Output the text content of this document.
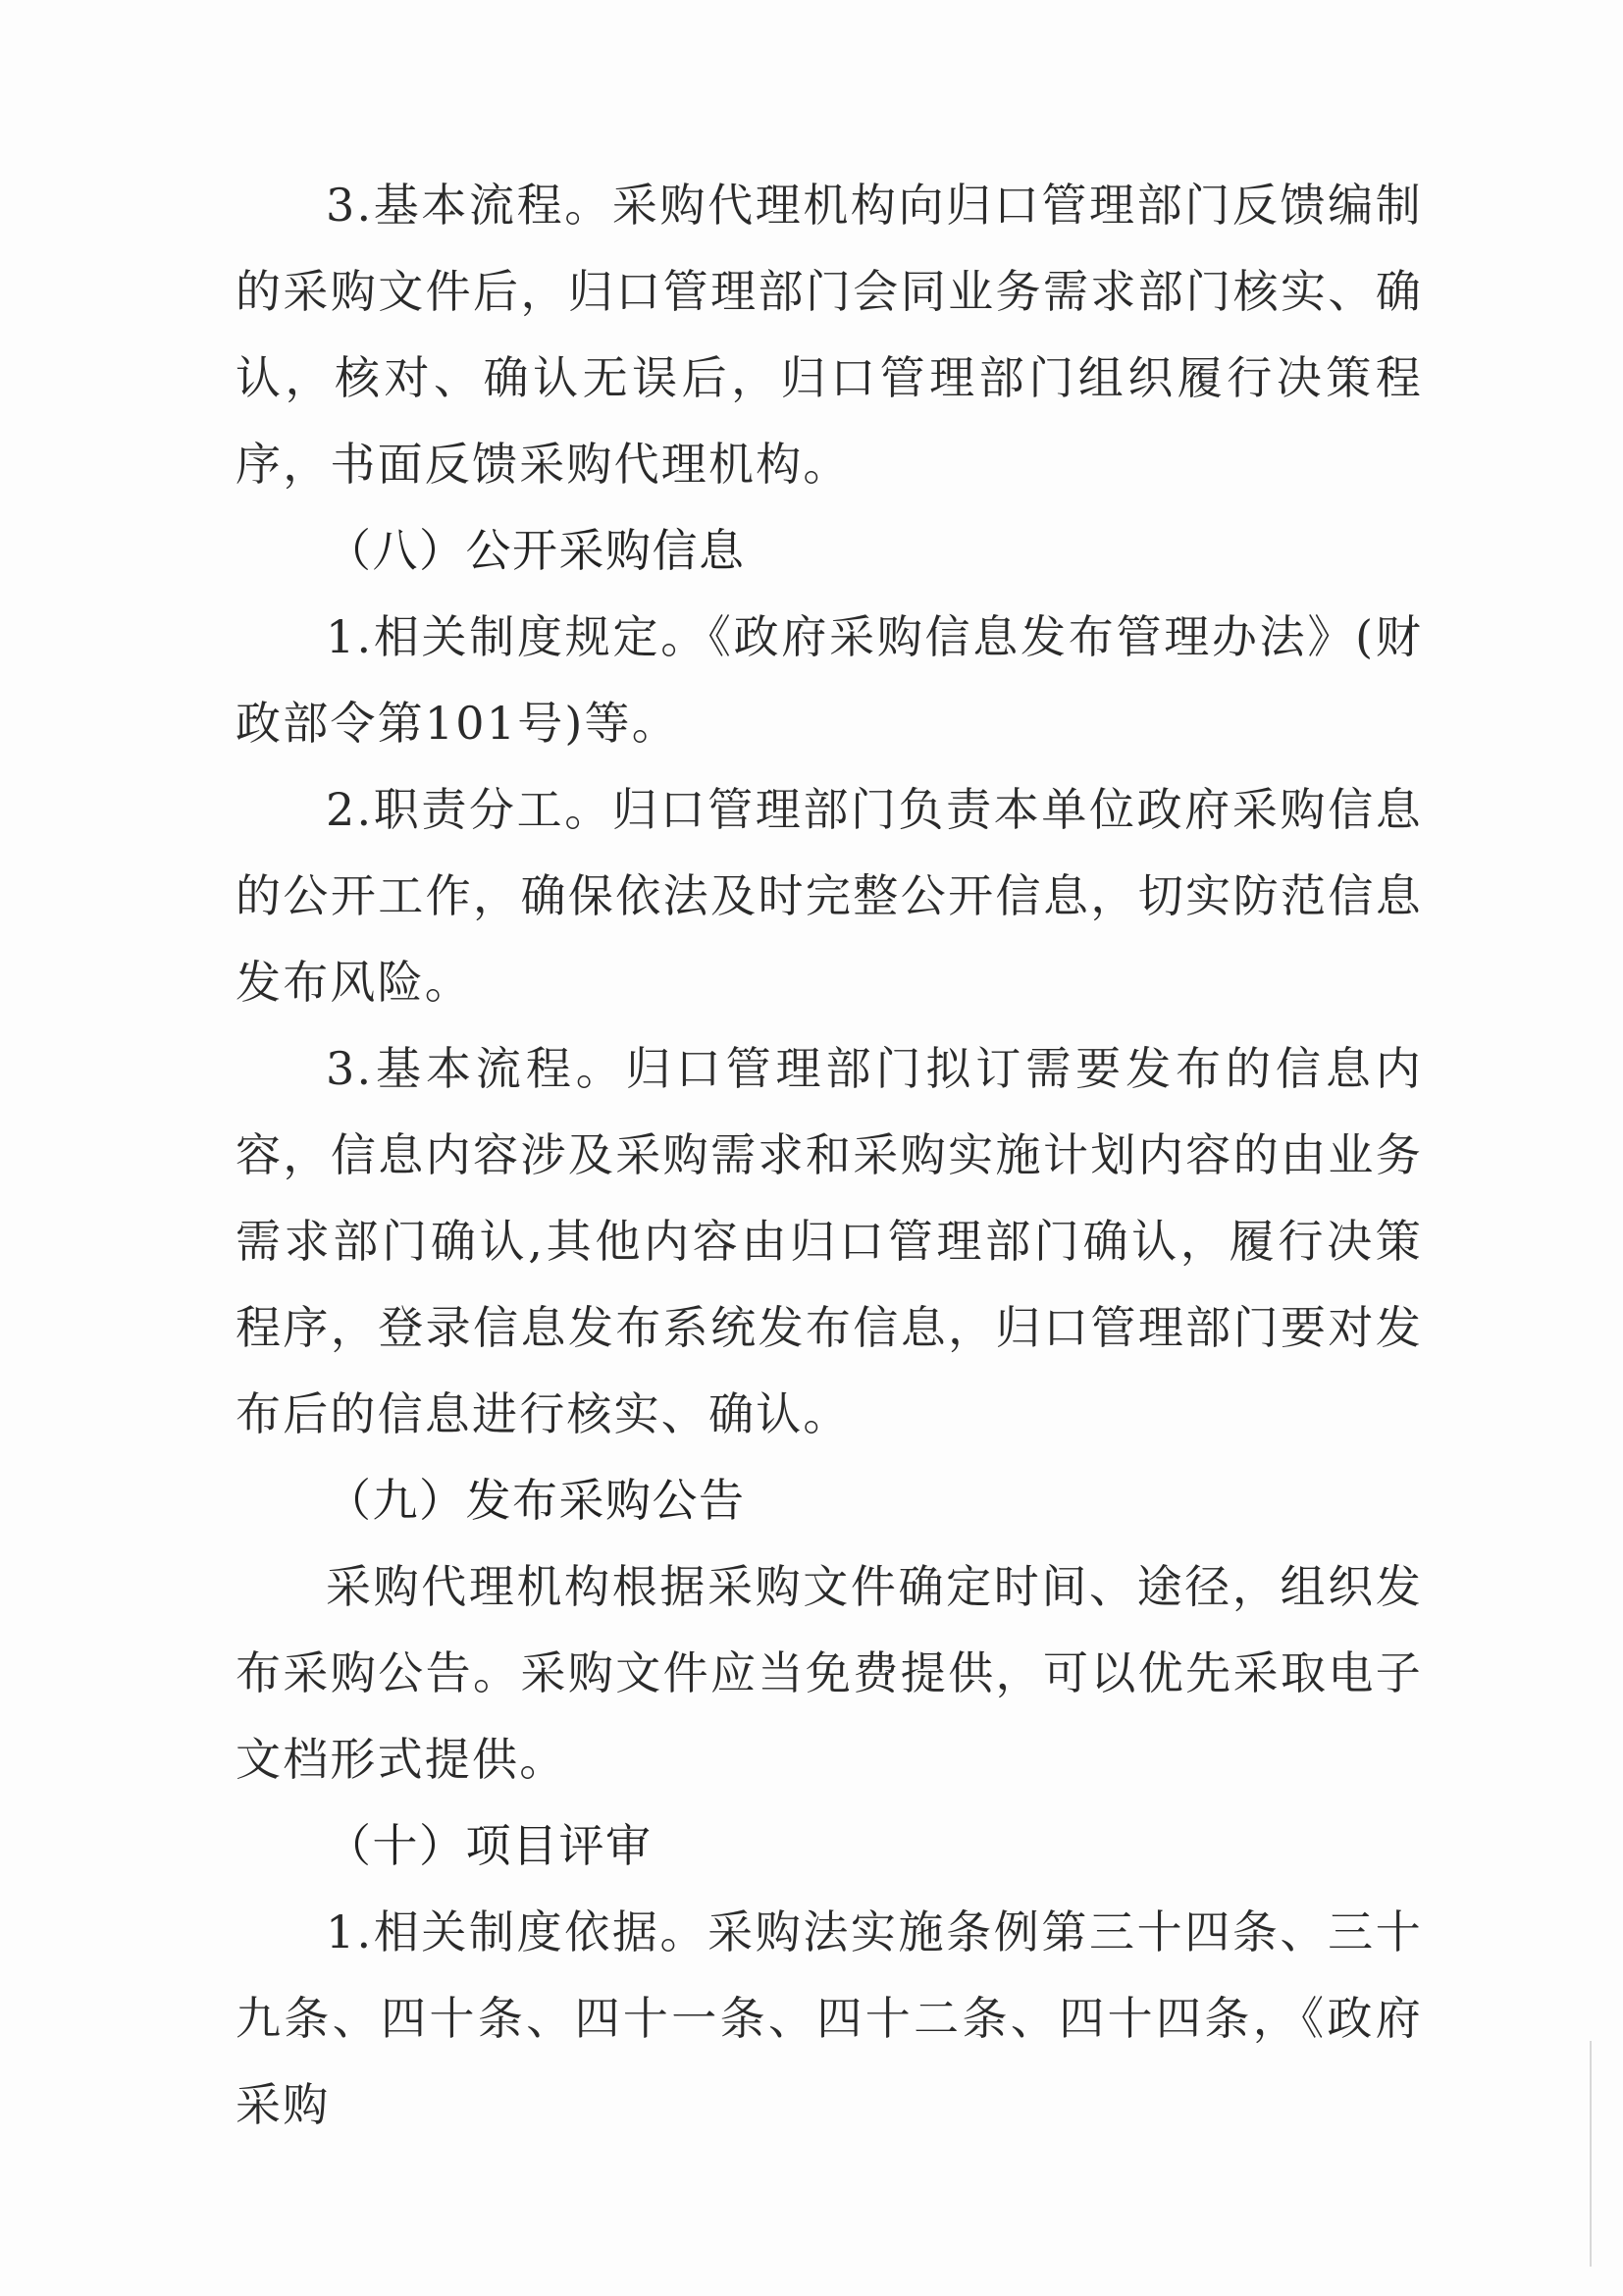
3.基本流程。采购代理机构向归口管理部门反馈编制的采购文件后，归口管理部门会同业务需求部门核实、确认，核对、确认无误后，归口管理部门组织履行决策程序，书面反馈采购代理机构。

（八）公开采购信息

1.相关制度规定。《政府采购信息发布管理办法》(财政部令第101号)等。

2.职责分工。归口管理部门负责本单位政府采购信息的公开工作，确保依法及时完整公开信息，切实防范信息发布风险。

3.基本流程。归口管理部门拟订需要发布的信息内容，信息内容涉及采购需求和采购实施计划内容的由业务需求部门确认,其他内容由归口管理部门确认，履行决策程序，登录信息发布系统发布信息，归口管理部门要对发布后的信息进行核实、确认。

（九）发布采购公告

采购代理机构根据采购文件确定时间、途径，组织发布采购公告。采购文件应当免费提供，可以优先采取电子文档形式提供。

（十）项目评审

1.相关制度依据。采购法实施条例第三十四条、三十九条、四十条、四十一条、四十二条、四十四条，《政府采购
